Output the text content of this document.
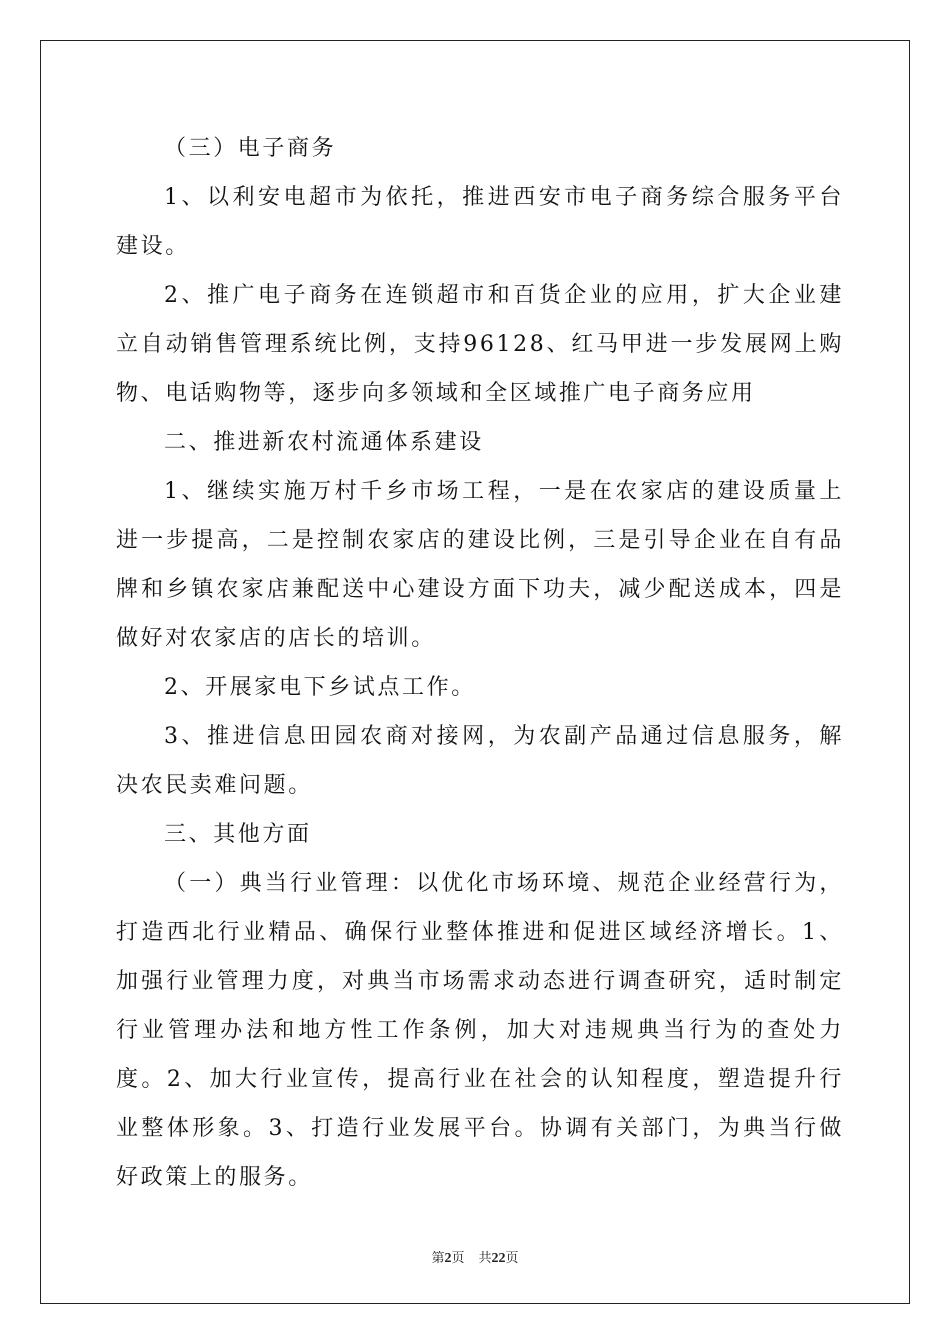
（三）电子商务

1、以利安电超市为依托，推进西安市电子商务综合服务平台建设。

2、推广电子商务在连锁超市和百货企业的应用，扩大企业建立自动销售管理系统比例，支持96128、红马甲进一步发展网上购物、电话购物等，逐步向多领域和全区域推广电子商务应用

二、推进新农村流通体系建设

1、继续实施万村千乡市场工程，一是在农家店的建设质量上进一步提高，二是控制农家店的建设比例，三是引导企业在自有品牌和乡镇农家店兼配送中心建设方面下功夫，减少配送成本，四是做好对农家店的店长的培训。

2、开展家电下乡试点工作。

3、推进信息田园农商对接网，为农副产品通过信息服务，解决农民卖难问题。

三、其他方面

（一）典当行业管理：以优化市场环境、规范企业经营行为，打造西北行业精品、确保行业整体推进和促进区域经济增长。1、加强行业管理力度，对典当市场需求动态进行调查研究，适时制定行业管理办法和地方性工作条例，加大对违规典当行为的查处力度。2、加大行业宣传，提高行业在社会的认知程度，塑造提升行业整体形象。3、打造行业发展平台。协调有关部门，为典当行做好政策上的服务。

第2页 共22页
